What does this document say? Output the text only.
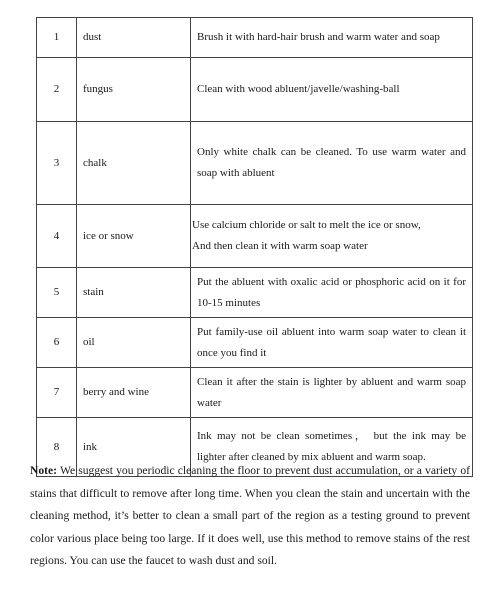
1	dust	Brush it with hard-hair brush and warm water and soap
2	fungus	Clean with wood abluent/javelle/washing-ball
3	chalk	Only white chalk can be cleaned. To use warm water and soap with abluent
4	ice or snow	Use calcium chloride or salt to melt the ice or snow,
And then clean it with warm soap water
5	stain	Put the abluent with oxalic acid or phosphoric acid on it for 10-15 minutes
6	oil	Put family-use oil abluent into warm soap water to clean it once you find it
7	berry and wine	Clean it after the stain is lighter by abluent and warm soap water
8	ink	Ink may not be clean sometimes， but the ink may be lighter after cleaned by mix abluent and warm soap.
Note: We suggest you periodic cleaning the floor to prevent dust accumulation, or a variety of stains that difficult to remove after long time. When you clean the stain and uncertain with the cleaning method, it’s better to clean a small part of the region as a testing ground to prevent color various place being too large. If it does well, use this method to remove stains of the rest regions. You can use the faucet to wash dust and soil.
